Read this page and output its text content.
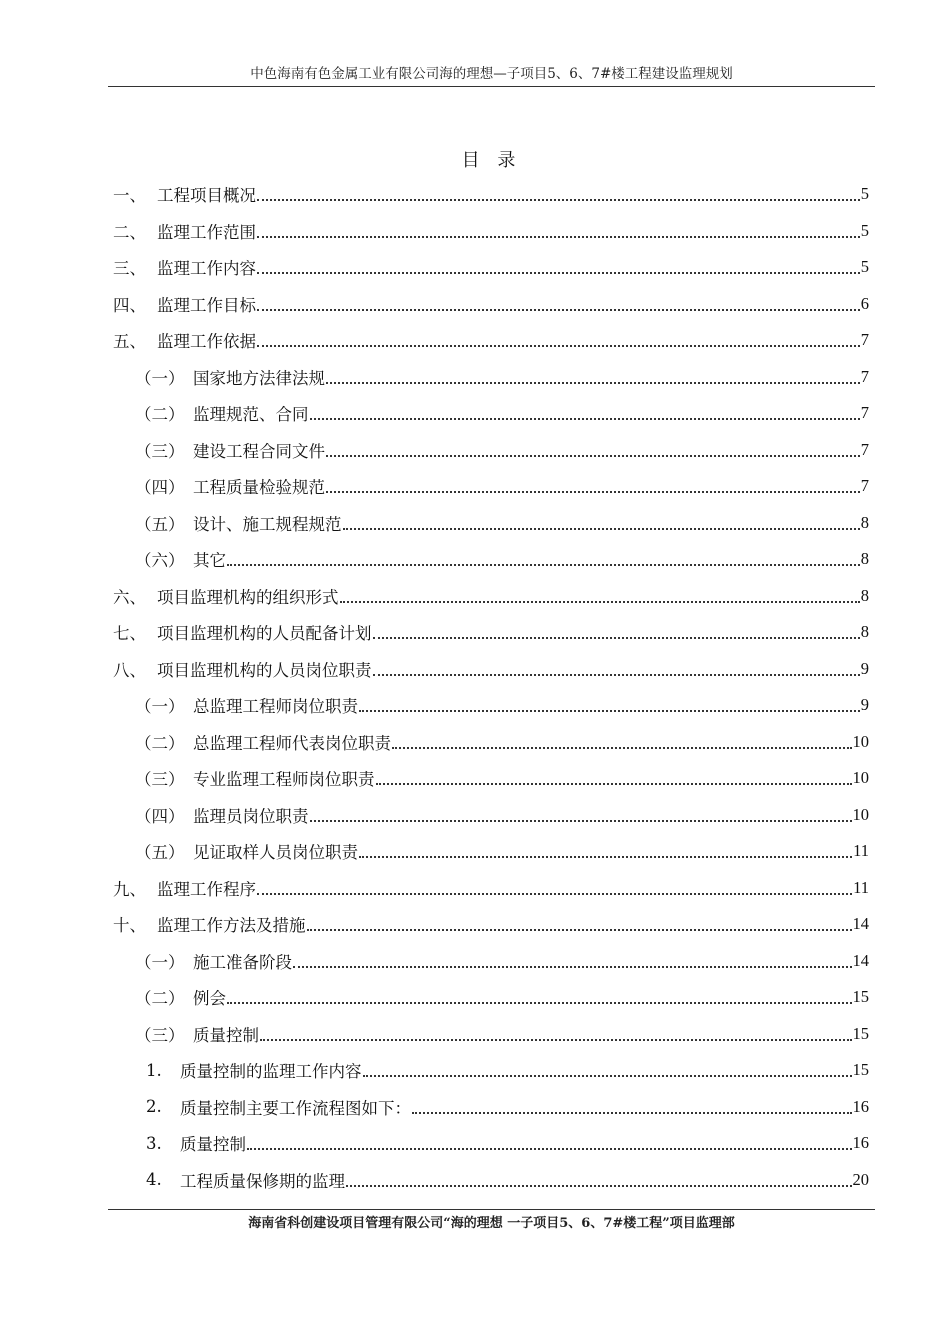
中色海南有色金属工业有限公司海的理想—子项目5、6、7#楼工程建设监理规划
目 录
一、 工程项目概况	5
二、 监理工作范围	5
三、 监理工作内容	5
四、 监理工作目标	6
五、 监理工作依据	7
（一） 国家地方法律法规	7
（二） 监理规范、合同	7
（三） 建设工程合同文件	7
（四） 工程质量检验规范	7
（五） 设计、施工规程规范	8
（六） 其它	8
六、 项目监理机构的组织形式	8
七、 项目监理机构的人员配备计划	8
八、 项目监理机构的人员岗位职责	9
（一） 总监理工程师岗位职责	9
（二） 总监理工程师代表岗位职责	10
（三） 专业监理工程师岗位职责	10
（四） 监理员岗位职责	10
（五） 见证取样人员岗位职责	11
九、 监理工作程序	11
十、 监理工作方法及措施	14
（一） 施工准备阶段	14
（二） 例会	15
（三） 质量控制	15
1.	质量控制的监理工作内容	15
2.	质量控制主要工作流程图如下：	16
3.	质量控制	16
4.	工程质量保修期的监理	20
海南省科创建设项目管理有限公司“海的理想 一子项目5、6、7#楼工程”项目监理部
